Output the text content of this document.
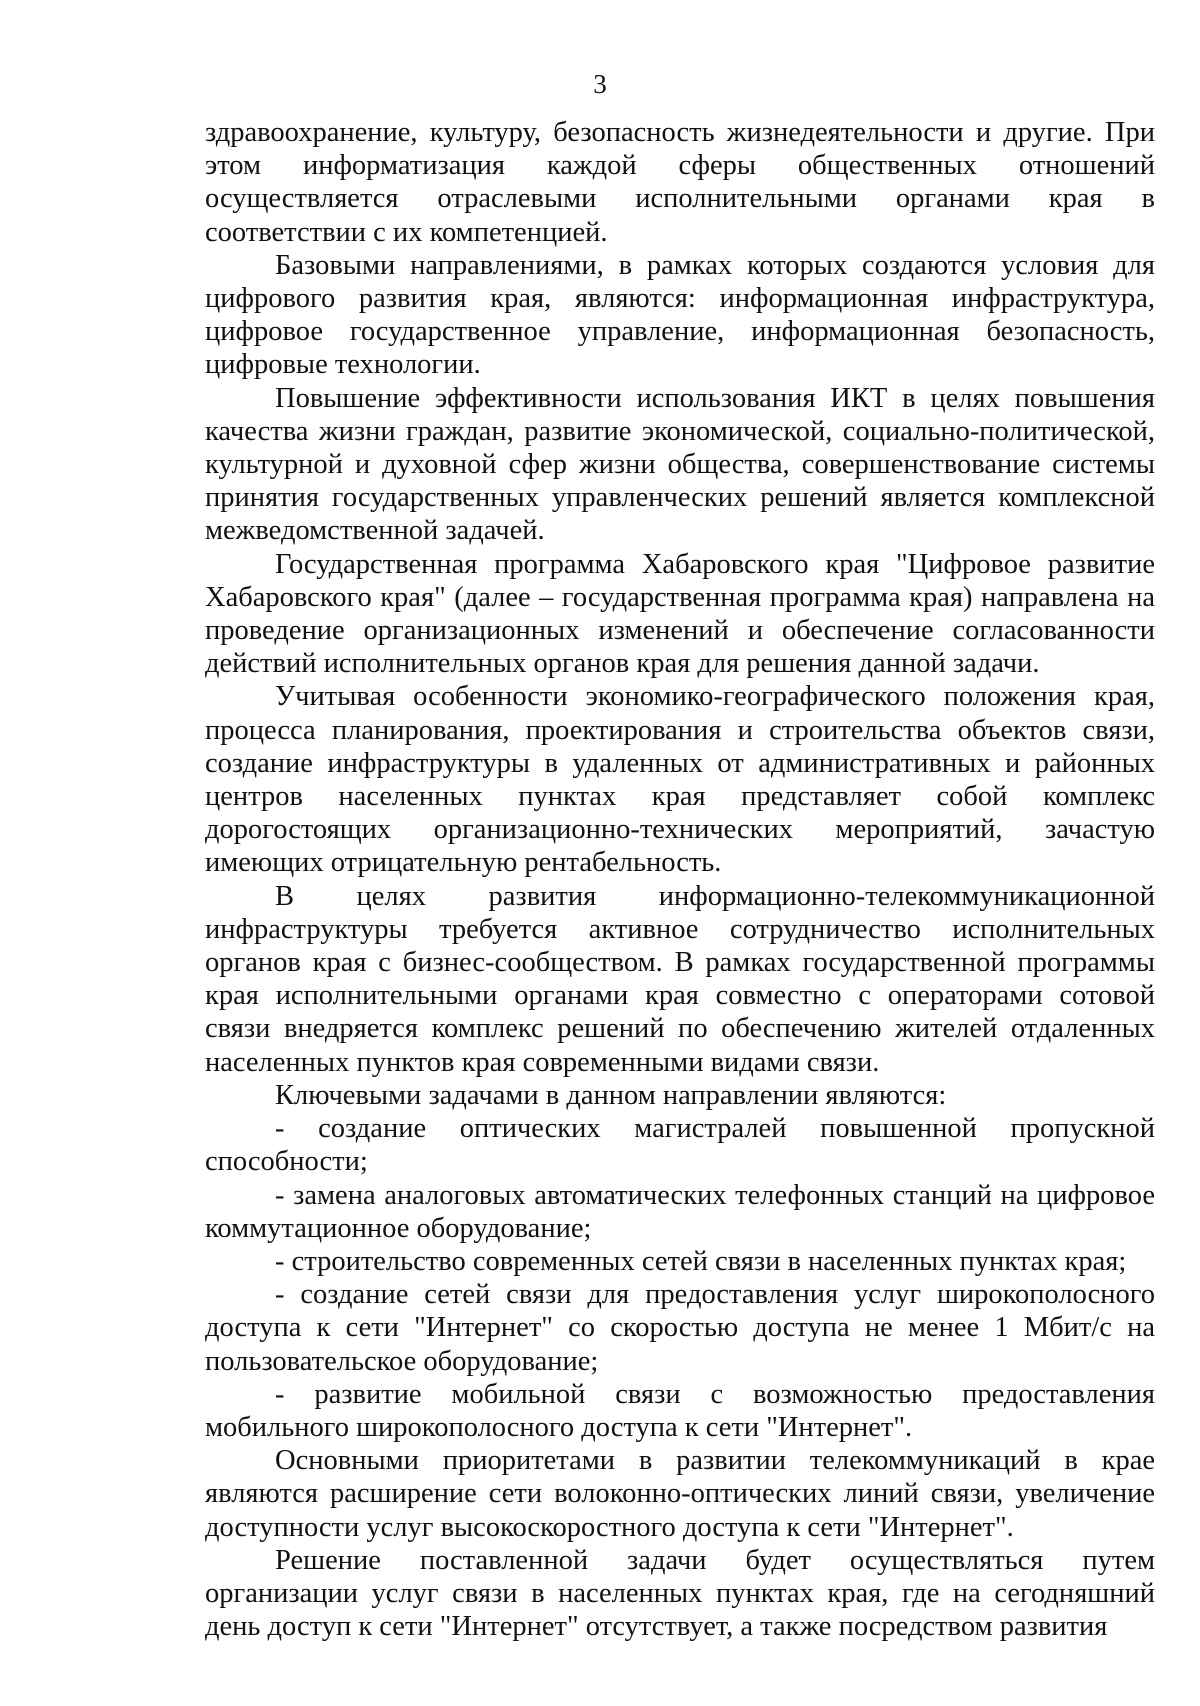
3

здравоохранение, культуру, безопасность жизнедеятельности и другие. При этом информатизация каждой сферы общественных отношений осуществляется отраслевыми исполнительными органами края в соответствии с их компетенцией.

Базовыми направлениями, в рамках которых создаются условия для цифрового развития края, являются: информационная инфраструктура, цифровое государственное управление, информационная безопасность, цифровые технологии.

Повышение эффективности использования ИКТ в целях повышения качества жизни граждан, развитие экономической, социально-политической, культурной и духовной сфер жизни общества, совершенствование системы принятия государственных управленческих решений является комплексной межведомственной задачей.

Государственная программа Хабаровского края "Цифровое развитие Хабаровского края" (далее – государственная программа края) направлена на проведение организационных изменений и обеспечение согласованности действий исполнительных органов края для решения данной задачи.

Учитывая особенности экономико-географического положения края, процесса планирования, проектирования и строительства объектов связи, создание инфраструктуры в удаленных от административных и районных центров населенных пунктах края представляет собой комплекс дорогостоящих организационно-технических мероприятий, зачастую имеющих отрицательную рентабельность.

В целях развития информационно-телекоммуникационной инфраструктуры требуется активное сотрудничество исполнительных органов края с бизнес-сообществом. В рамках государственной программы края исполнительными органами края совместно с операторами сотовой связи внедряется комплекс решений по обеспечению жителей отдаленных населенных пунктов края современными видами связи.

Ключевыми задачами в данном направлении являются:

- создание оптических магистралей повышенной пропускной способности;

- замена аналоговых автоматических телефонных станций на цифровое коммутационное оборудование;

- строительство современных сетей связи в населенных пунктах края;

- создание сетей связи для предоставления услуг широкополосного доступа к сети "Интернет" со скоростью доступа не менее 1 Мбит/с на пользовательское оборудование;

- развитие мобильной связи с возможностью предоставления мобильного широкополосного доступа к сети "Интернет".

Основными приоритетами в развитии телекоммуникаций в крае являются расширение сети волоконно-оптических линий связи, увеличение доступности услуг высокоскоростного доступа к сети "Интернет".

Решение поставленной задачи будет осуществляться путем организации услуг связи в населенных пунктах края, где на сегодняшний день доступ к сети "Интернет" отсутствует, а также посредством развития
